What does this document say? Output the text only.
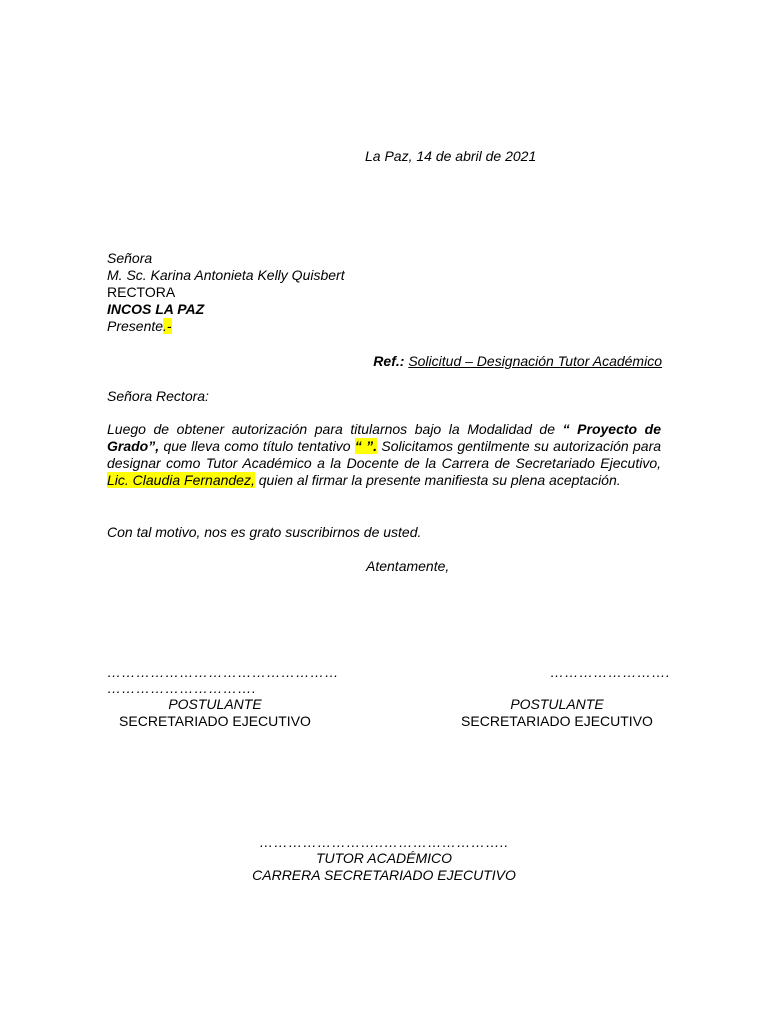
La Paz, 14 de abril de 2021
Señora
M. Sc. Karina Antonieta Kelly Quisbert
RECTORA
INCOS LA PAZ
Presente.-
Ref.: Solicitud – Designación Tutor Académico
Señora Rectora:
Luego de obtener autorización para titularnos bajo la Modalidad de “ Proyecto de Grado”, que lleva como título tentativo “ ”. Solicitamos gentilmente su autorización para designar como Tutor Académico a la Docente de la Carrera de Secretariado Ejecutivo, Lic. Claudia Fernandez, quien al firmar la presente manifiesta su plena aceptación.
Con tal motivo, nos es grato suscribirnos de usted.
Atentamente,
…………………………………………	…………………….
………………………….
POSTULANTE
SECRETARIADO EJECUTIVO
POSTULANTE
SECRETARIADO EJECUTIVO
……………………..……………………..
TUTOR ACADÉMICO
CARRERA SECRETARIADO EJECUTIVO
